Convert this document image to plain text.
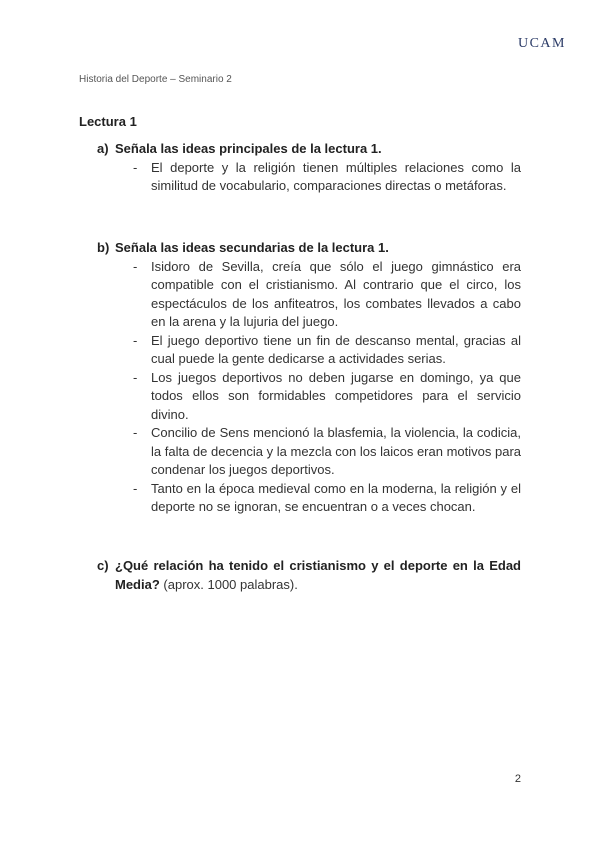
UCAM
Historia del Deporte – Seminario 2
Lectura 1
a) Señala las ideas principales de la lectura 1.
-	El deporte y la religión tienen múltiples relaciones como la similitud de vocabulario, comparaciones directas o metáforas.
b) Señala las ideas secundarias de la lectura 1.
-	Isidoro de Sevilla, creía que sólo el juego gimnástico era compatible con el cristianismo. Al contrario que el circo, los espectáculos de los anfiteatros, los combates llevados a cabo en la arena y la lujuria del juego.
-	El juego deportivo tiene un fin de descanso mental, gracias al cual puede la gente dedicarse a actividades serias.
-	Los juegos deportivos no deben jugarse en domingo, ya que todos ellos son formidables competidores para el servicio divino.
-	Concilio de Sens mencionó la blasfemia, la violencia, la codicia, la falta de decencia y la mezcla con los laicos eran motivos para condenar los juegos deportivos.
-	Tanto en la época medieval como en la moderna, la religión y el deporte no se ignoran, se encuentran o a veces chocan.
c) ¿Qué relación ha tenido el cristianismo y el deporte en la Edad Media? (aprox. 1000 palabras).
2
